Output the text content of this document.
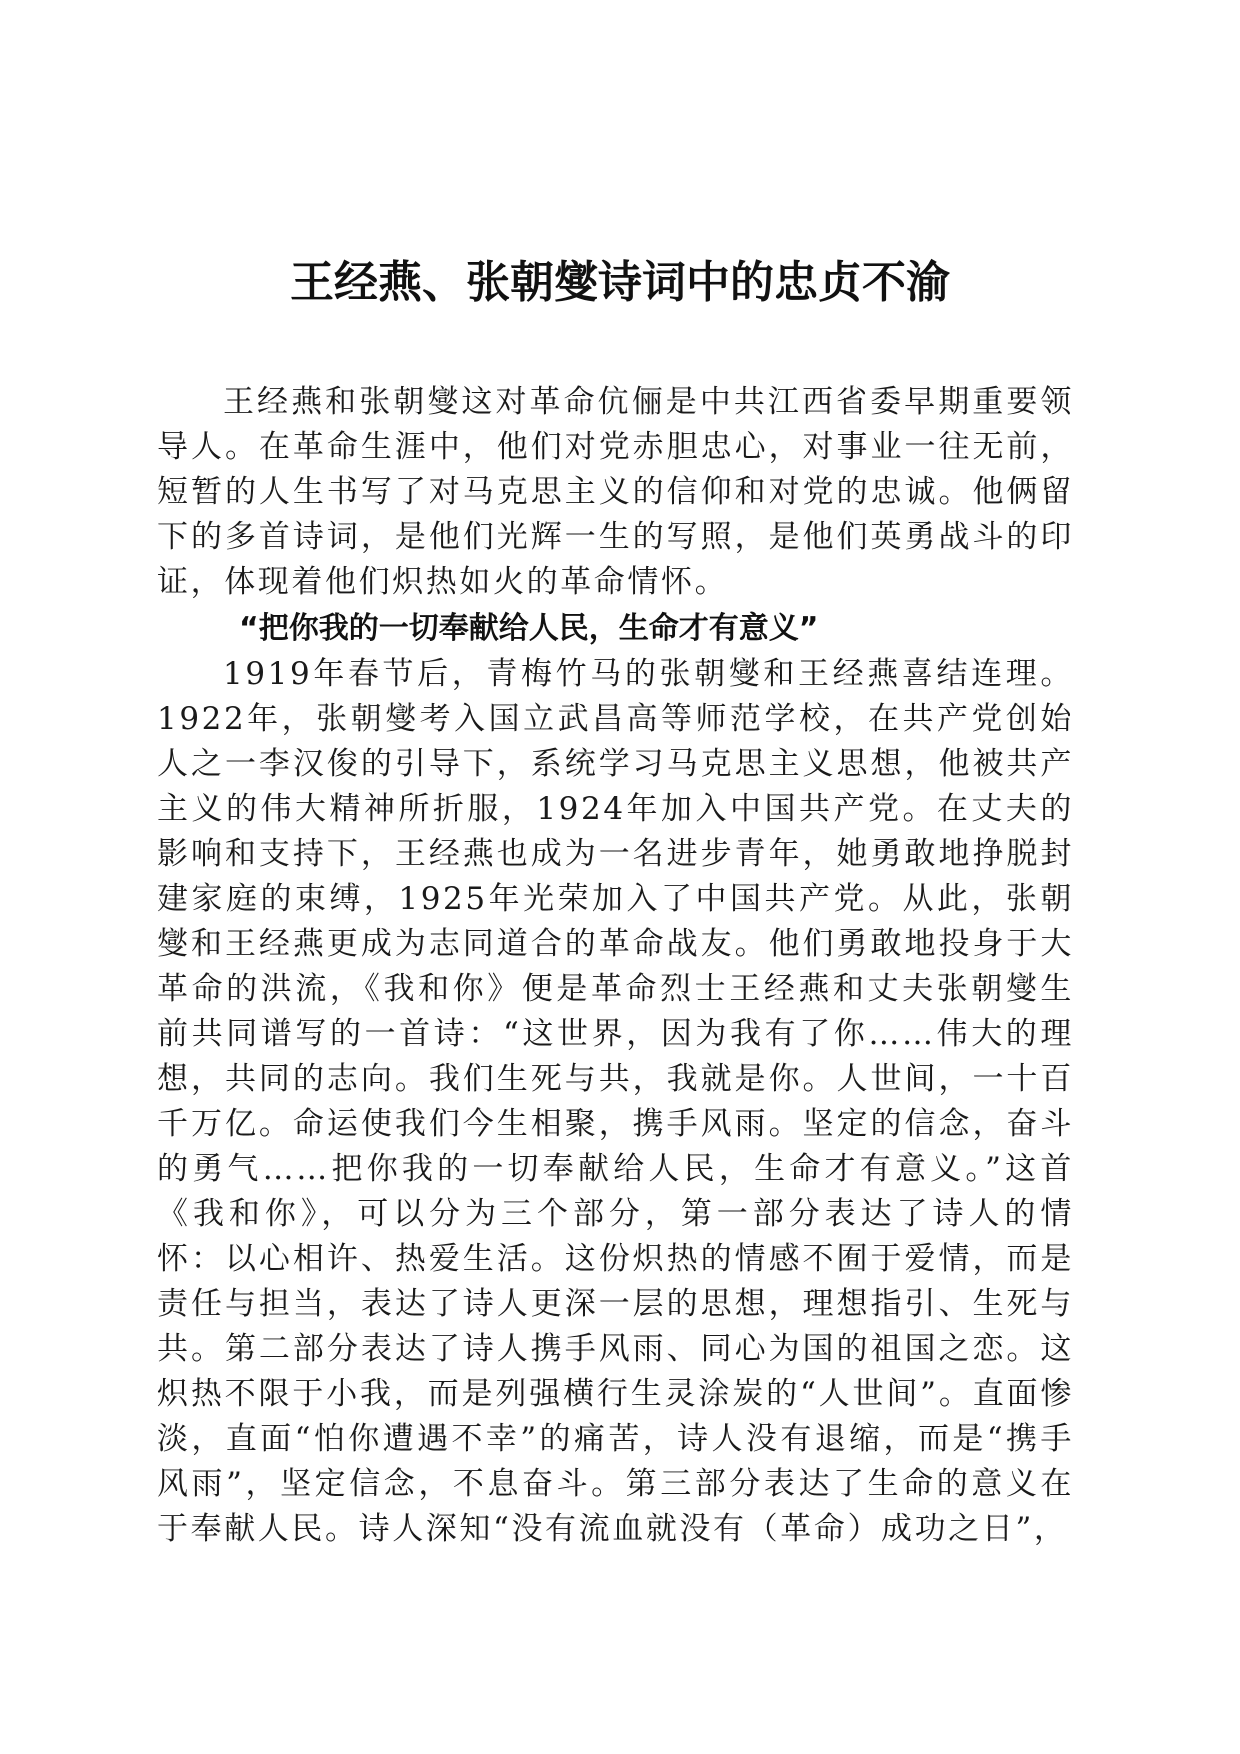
王经燕、张朝燮诗词中的忠贞不渝

王经燕和张朝燮这对革命伉俪是中共江西省委早期重要领导人。在革命生涯中，他们对党赤胆忠心，对事业一往无前，短暂的人生书写了对马克思主义的信仰和对党的忠诚。他俩留下的多首诗词，是他们光辉一生的写照，是他们英勇战斗的印证，体现着他们炽热如火的革命情怀。

“把你我的一切奉献给人民，生命才有意义”

1919年春节后，青梅竹马的张朝燮和王经燕喜结连理。1922年，张朝燮考入国立武昌高等师范学校，在共产党创始人之一李汉俊的引导下，系统学习马克思主义思想，他被共产主义的伟大精神所折服，1924年加入中国共产党。在丈夫的影响和支持下，王经燕也成为一名进步青年，她勇敢地挣脱封建家庭的束缚，1925年光荣加入了中国共产党。从此，张朝燮和王经燕更成为志同道合的革命战友。他们勇敢地投身于大革命的洪流，《我和你》便是革命烈士王经燕和丈夫张朝燮生前共同谱写的一首诗：“这世界，因为我有了你……伟大的理想，共同的志向。我们生死与共，我就是你。人世间，一十百千万亿。命运使我们今生相聚，携手风雨。坚定的信念，奋斗的勇气……把你我的一切奉献给人民，生命才有意义。”这首《我和你》，可以分为三个部分，第一部分表达了诗人的情怀：以心相许、热爱生活。这份炽热的情感不囿于爱情，而是责任与担当，表达了诗人更深一层的思想，理想指引、生死与共。第二部分表达了诗人携手风雨、同心为国的祖国之恋。这炽热不限于小我，而是列强横行生灵涂炭的“人世间”。直面惨淡，直面“怕你遭遇不幸”的痛苦，诗人没有退缩，而是“携手风雨”，坚定信念，不息奋斗。第三部分表达了生命的意义在于奉献人民。诗人深知“没有流血就没有（革命）成功之日”，
